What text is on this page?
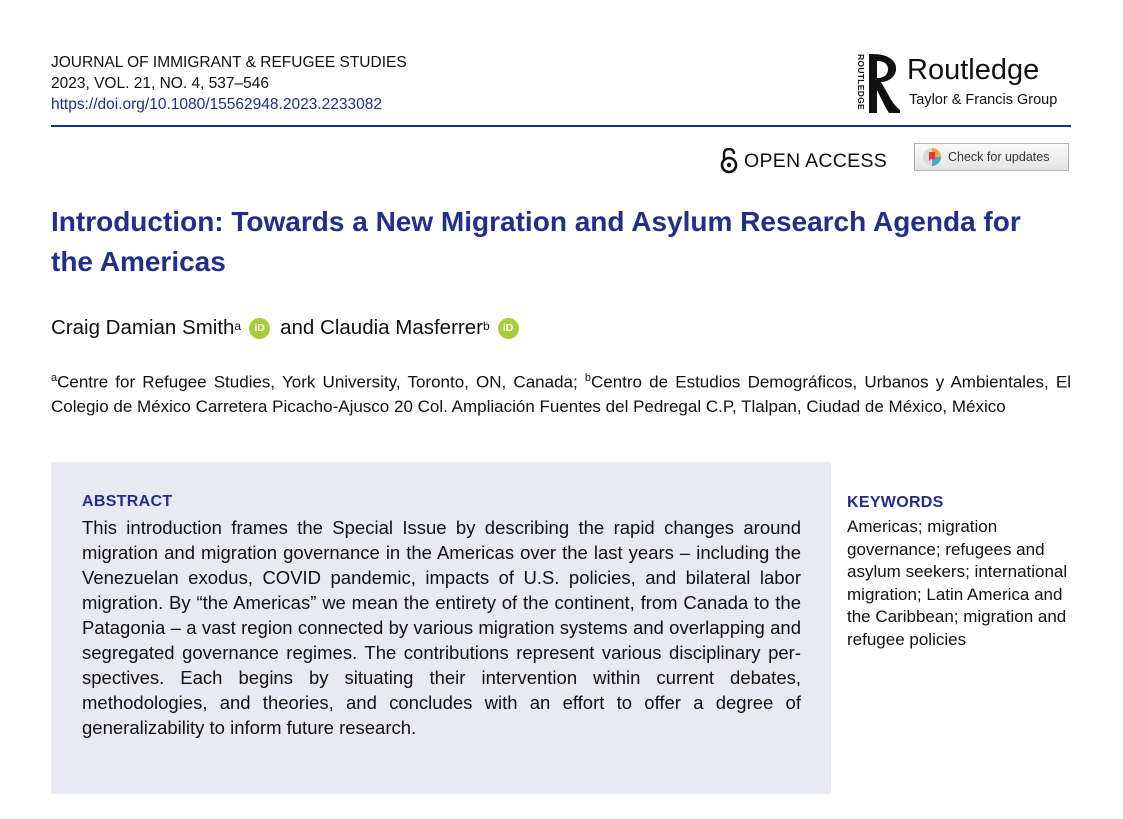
JOURNAL OF IMMIGRANT & REFUGEE STUDIES
2023, VOL. 21, NO. 4, 537–546
https://doi.org/10.1080/15562948.2023.2233082	ROUTLEDGE Routledge
Taylor & Francis Group
OPEN ACCESS	Check for updates
Introduction: Towards a New Migration and Asylum Research Agenda for the Americas
Craig Damian Smith$^a$	iD and
Claudia Masferrer$^b$	iD
$^a$Centre for Refugee Studies, York University, Toronto, ON, Canada; $^b$Centro de Estudios Demográficos, Urbanos y Ambientales, El Colegio de México Carretera Picacho-Ajusco 20 Col. Ampliación Fuentes del Pedregal C.P, Tlalpan, Ciudad de México, México
ABSTRACT

This introduction frames the Special Issue by describing the rapid changes around migration and migration governance in the Americas over the last years – including the Venezuelan exodus, COVID pandemic, impacts of U.S. policies, and bilateral labor migration. By “the Americas” we mean the entirety of the continent, from Canada to the Patagonia – a vast region connected by various migration systems and overlapping and segregated governance regimes. The contributions represent various disciplinary perspectives. Each begins by situating their intervention within current debates, methodologies, and theories, and concludes with an effort to offer a degree of generalizability to inform future research.

KEYWORDS

Americas; migration governance; refugees and asylum seekers; international migration; Latin America and the Caribbean; migration and refugee policies
